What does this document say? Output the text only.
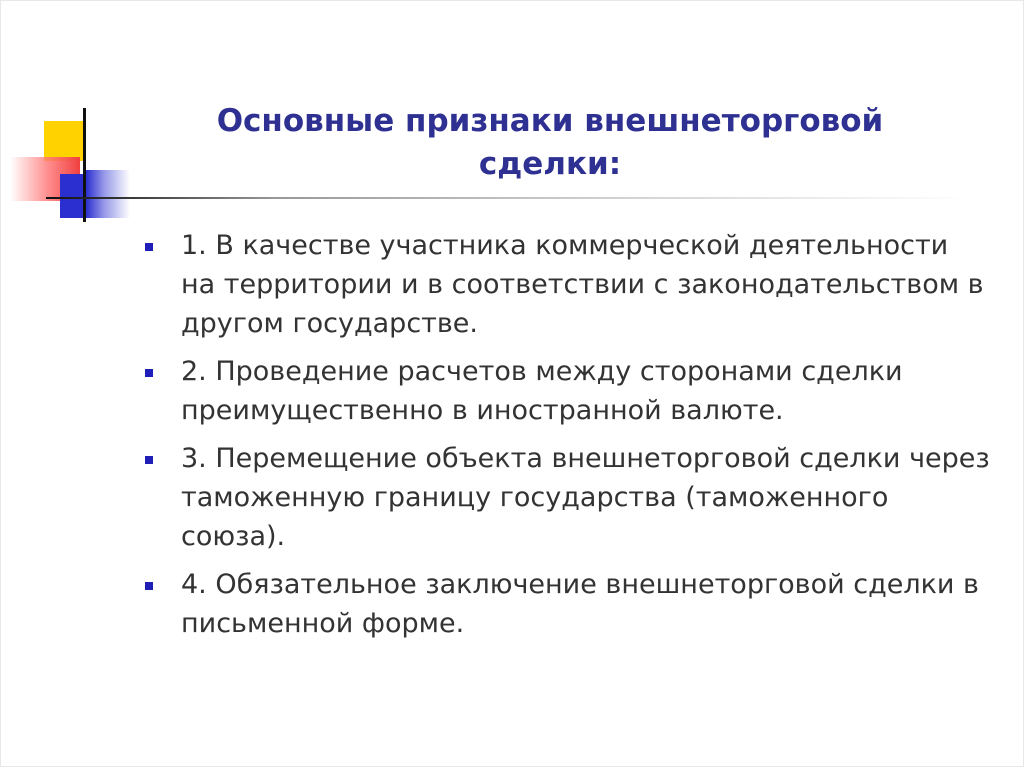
Основные признаки внешнеторговой
сделки:
1. В качестве участника коммерческой деятельности на территории и в соответствии с законодательством в другом государстве.
2. Проведение расчетов между сторонами сделки преимущественно в иностранной валюте.
3. Перемещение объекта внешнеторговой сделки через таможенную границу государства (таможенного союза).
4. Обязательное заключение внешнеторговой сделки в письменной форме.
